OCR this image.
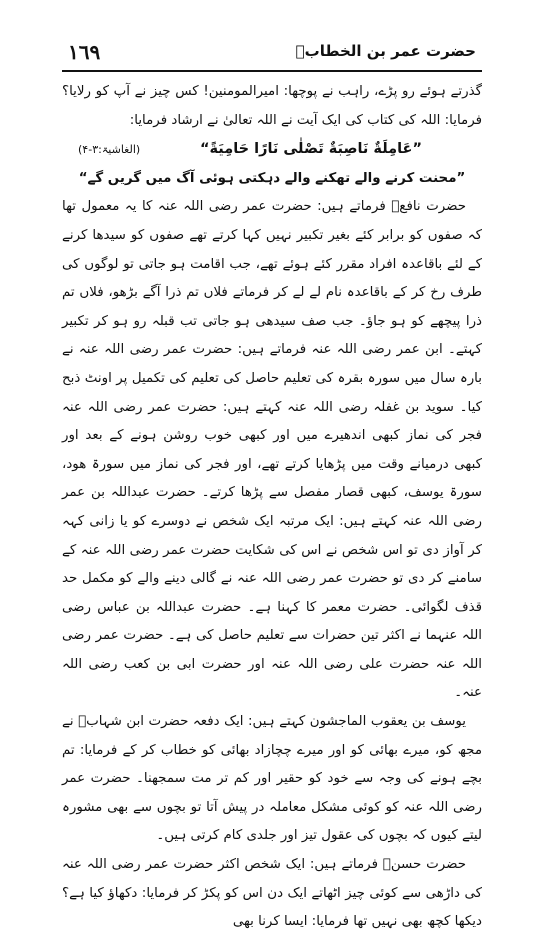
١٦٩	حضرت عمر بن الخطابؓ

گذرتے ہوئے رو پڑے، راہب نے پوچھا: امیرالمومنین! کس چیز نے آپ کو رلایا؟ فرمایا: اللہ کی کتاب کی ایک آیت نے اللہ تعالیٰ نے ارشاد فرمایا:

”عَامِلَةٌ نَاصِبَةٌ تَصْلٰى نَارًا حَامِيَةً“
(الغاشیۃ:۳-۴)

”محنت کرنے والے تھکنے والے دہکتی ہوئی آگ میں گریں گے“

حضرت نافعؒ فرماتے ہیں: حضرت عمر رضی اللہ عنہ کا یہ معمول تھا کہ صفوں کو برابر کئے بغیر تکبیر نہیں کہا کرتے تھے صفوں کو سیدھا کرنے کے لئے باقاعدہ افراد مقرر کئے ہوئے تھے، جب اقامت ہو جاتی تو لوگوں کی طرف رخ کر کے باقاعدہ نام لے لے کر فرماتے فلاں تم ذرا آگے بڑھو، فلاں تم ذرا پیچھے کو ہو جاؤ۔ جب صف سیدھی ہو جاتی تب قبلہ رو ہو کر تکبیر کہتے۔ ابن عمر رضی اللہ عنہ فرماتے ہیں: حضرت عمر رضی اللہ عنہ نے بارہ سال میں سورہ بقرہ کی تعلیم حاصل کی تعلیم کی تکمیل پر اونٹ ذبح کیا۔ سوید بن غفلہ رضی اللہ عنہ کہتے ہیں: حضرت عمر رضی اللہ عنہ فجر کی نماز کبھی اندھیرے میں اور کبھی خوب روشن ہونے کے بعد اور کبھی درمیانے وقت میں پڑھایا کرتے تھے، اور فجر کی نماز میں سورۃ ھود، سورۃ یوسف، کبھی قصار مفصل سے پڑھا کرتے۔ حضرت عبداللہ بن عمر رضی اللہ عنہ کہتے ہیں: ایک مرتبہ ایک شخص نے دوسرے کو یا زانی کہہ کر آواز دی تو اس شخص نے اس کی شکایت حضرت عمر رضی اللہ عنہ کے سامنے کر دی تو حضرت عمر رضی اللہ عنہ نے گالی دینے والے کو مکمل حد قذف لگوائی۔ حضرت معمر کا کہنا ہے۔ حضرت عبداللہ بن عباس رضی اللہ عنہما نے اکثر تین حضرات سے تعلیم حاصل کی ہے۔ حضرت عمر رضی اللہ عنہ حضرت علی رضی اللہ عنہ اور حضرت ابی بن کعب رضی اللہ عنہ۔

یوسف بن یعقوب الماجشون کہتے ہیں: ایک دفعہ حضرت ابن شہابؒ نے مجھ کو، میرے بھائی کو اور میرے چچازاد بھائی کو خطاب کر کے فرمایا: تم بچے ہونے کی وجہ سے خود کو حقیر اور کم تر مت سمجھنا۔ حضرت عمر رضی اللہ عنہ کو کوئی مشکل معاملہ در پیش آتا تو بچوں سے بھی مشورہ لیتے کیوں کہ بچوں کی عقول تیز اور جلدی کام کرتی ہیں۔

حضرت حسنؒ فرماتے ہیں: ایک شخص اکثر حضرت عمر رضی اللہ عنہ کی داڑھی سے کوئی چیز اٹھاتے ایک دن اس کو پکڑ کر فرمایا: دکھاؤ کیا ہے؟ دیکھا کچھ بھی نہیں تھا فرمایا: ایسا کرنا بھی
